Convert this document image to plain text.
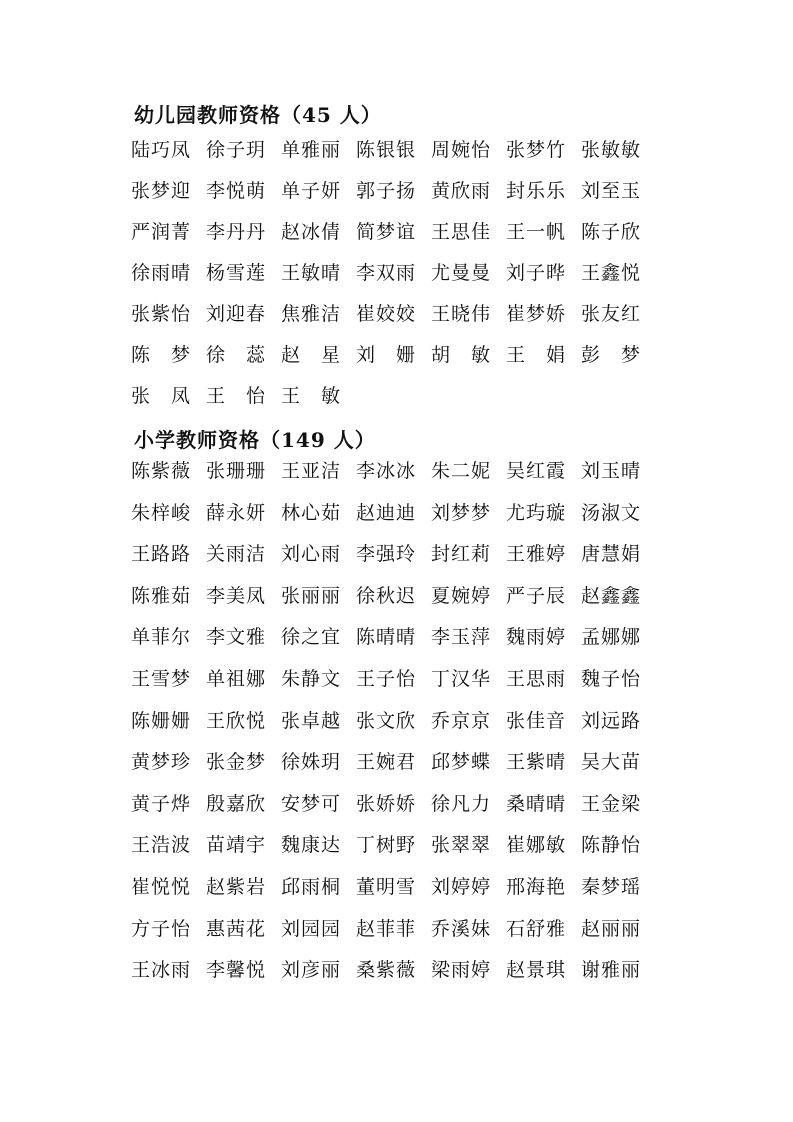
幼儿园教师资格（45 人）
陆巧凤 徐子玥 单雅丽 陈银银 周婉怡 张梦竹 张敏敏
张梦迎 李悦萌 单子妍 郭子扬 黄欣雨 封乐乐 刘至玉
严润菁 李丹丹 赵冰倩 简梦谊 王思佳 王一帆 陈子欣
徐雨晴 杨雪莲 王敏晴 李双雨 尤曼曼 刘子晔 王鑫悦
张紫怡 刘迎春 焦雅洁 崔姣姣 王晓伟 崔梦娇 张友红
陈　梦 徐　蕊 赵　星 刘　姗 胡　敏 王　娟 彭　梦
张　凤 王　怡 王　敏
小学教师资格（149 人）
陈紫薇 张珊珊 王亚洁 李冰冰 朱二妮 吴红霞 刘玉晴
朱梓峻 薛永妍 林心茹 赵迪迪 刘梦梦 尤玙璇 汤淑文
王路路 关雨洁 刘心雨 李强玲 封红莉 王雅婷 唐慧娟
陈雅茹 李美凤 张丽丽 徐秋迟 夏婉婷 严子辰 赵鑫鑫
单菲尔 李文雅 徐之宜 陈晴晴 李玉萍 魏雨婷 孟娜娜
王雪梦 单祖娜 朱静文 王子怡 丁汉华 王思雨 魏子怡
陈姗姗 王欣悦 张卓越 张文欣 乔京京 张佳音 刘远路
黄梦珍 张金梦 徐姝玥 王婉君 邱梦蝶 王紫晴 吴大苗
黄子烨 殷嘉欣 安梦可 张娇娇 徐凡力 桑晴晴 王金梁
王浩波 苗靖宇 魏康达 丁树野 张翠翠 崔娜敏 陈静怡
崔悦悦 赵紫岩 邱雨桐 董明雪 刘婷婷 邢海艳 秦梦瑶
方子怡 惠茜花 刘园园 赵菲菲 乔溪妹 石舒雅 赵丽丽
王冰雨 李馨悦 刘彦丽 桑紫薇 梁雨婷 赵景琪 谢雅丽
